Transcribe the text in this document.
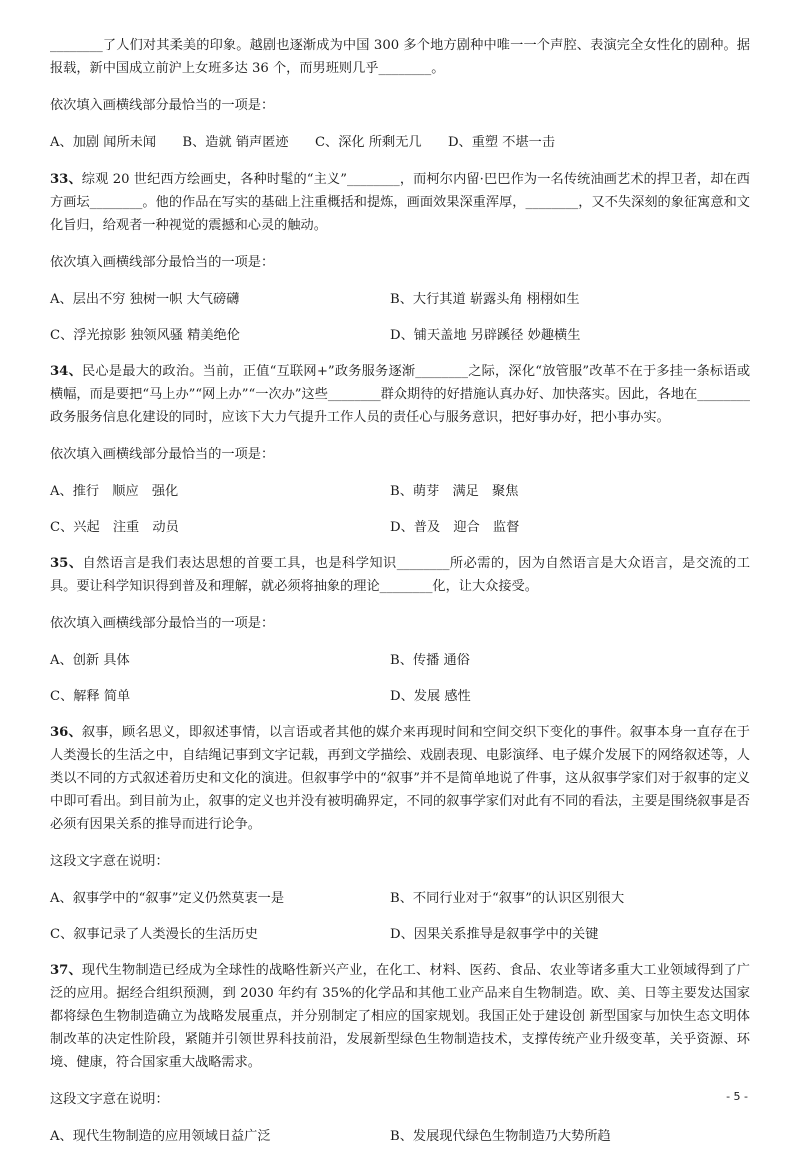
________了人们对其柔美的印象。越剧也逐渐成为中国 300 多个地方剧种中唯一一个声腔、表演完全女性化的剧种。据报载，新中国成立前沪上女班多达 36 个，而男班则几乎________。

依次填入画横线部分最恰当的一项是：

A、加剧 闻所未闻　　B、造就 销声匿迹　　C、深化 所剩无几　　D、重塑 不堪一击

33、综观 20 世纪西方绘画史，各种时髦的“主义”________，而柯尔内留·巴巴作为一名传统油画艺术的捍卫者，却在西方画坛________。他的作品在写实的基础上注重概括和提炼，画面效果深重浑厚，________，又不失深刻的象征寓意和文化旨归，给观者一种视觉的震撼和心灵的触动。

依次填入画横线部分最恰当的一项是：

A、层出不穷 独树一帜 大气磅礴	B、大行其道 崭露头角 栩栩如生
C、浮光掠影 独领风骚 精美绝伦	D、铺天盖地 另辟蹊径 妙趣横生

34、民心是最大的政治。当前，正值“互联网+”政务服务逐渐________之际，深化“放管服”改革不在于多挂一条标语或横幅，而是要把“马上办”“网上办”“一次办”这些________群众期待的好措施认真办好、加快落实。因此，各地在________政务服务信息化建设的同时，应该下大力气提升工作人员的责任心与服务意识，把好事办好，把小事办实。

依次填入画横线部分最恰当的一项是：

A、推行　顺应　强化	B、萌芽　满足　聚焦
C、兴起　注重　动员	D、普及　迎合　监督

35、自然语言是我们表达思想的首要工具，也是科学知识________所必需的，因为自然语言是大众语言，是交流的工具。要让科学知识得到普及和理解，就必须将抽象的理论________化，让大众接受。

依次填入画横线部分最恰当的一项是：

A、创新 具体	B、传播 通俗
C、解释 简单	D、发展 感性

36、叙事，顾名思义，即叙述事情，以言语或者其他的媒介来再现时间和空间交织下变化的事件。叙事本身一直存在于人类漫长的生活之中，自结绳记事到文字记载，再到文学描绘、戏剧表现、电影演绎、电子媒介发展下的网络叙述等，人类以不同的方式叙述着历史和文化的演进。但叙事学中的“叙事”并不是简单地说了件事，这从叙事学家们对于叙事的定义中即可看出。到目前为止，叙事的定义也并没有被明确界定，不同的叙事学家们对此有不同的看法，主要是围绕叙事是否必须有因果关系的推导而进行论争。

这段文字意在说明：

A、叙事学中的“叙事”定义仍然莫衷一是	B、不同行业对于“叙事”的认识区别很大
C、叙事记录了人类漫长的生活历史	D、因果关系推导是叙事学中的关键

37、现代生物制造已经成为全球性的战略性新兴产业，在化工、材料、医药、食品、农业等诸多重大工业领域得到了广泛的应用。据经合组织预测，到 2030 年约有 35%的化学品和其他工业产品来自生物制造。欧、美、日等主要发达国家都将绿色生物制造确立为战略发展重点，并分别制定了相应的国家规划。我国正处于建设创 新型国家与加快生态文明体制改革的决定性阶段，紧随并引领世界科技前沿，发展新型绿色生物制造技术，支撑传统产业升级变革，关乎资源、环境、健康，符合国家重大战略需求。

这段文字意在说明：

A、现代生物制造的应用领域日益广泛	B、发展现代绿色生物制造乃大势所趋
- 5 -
